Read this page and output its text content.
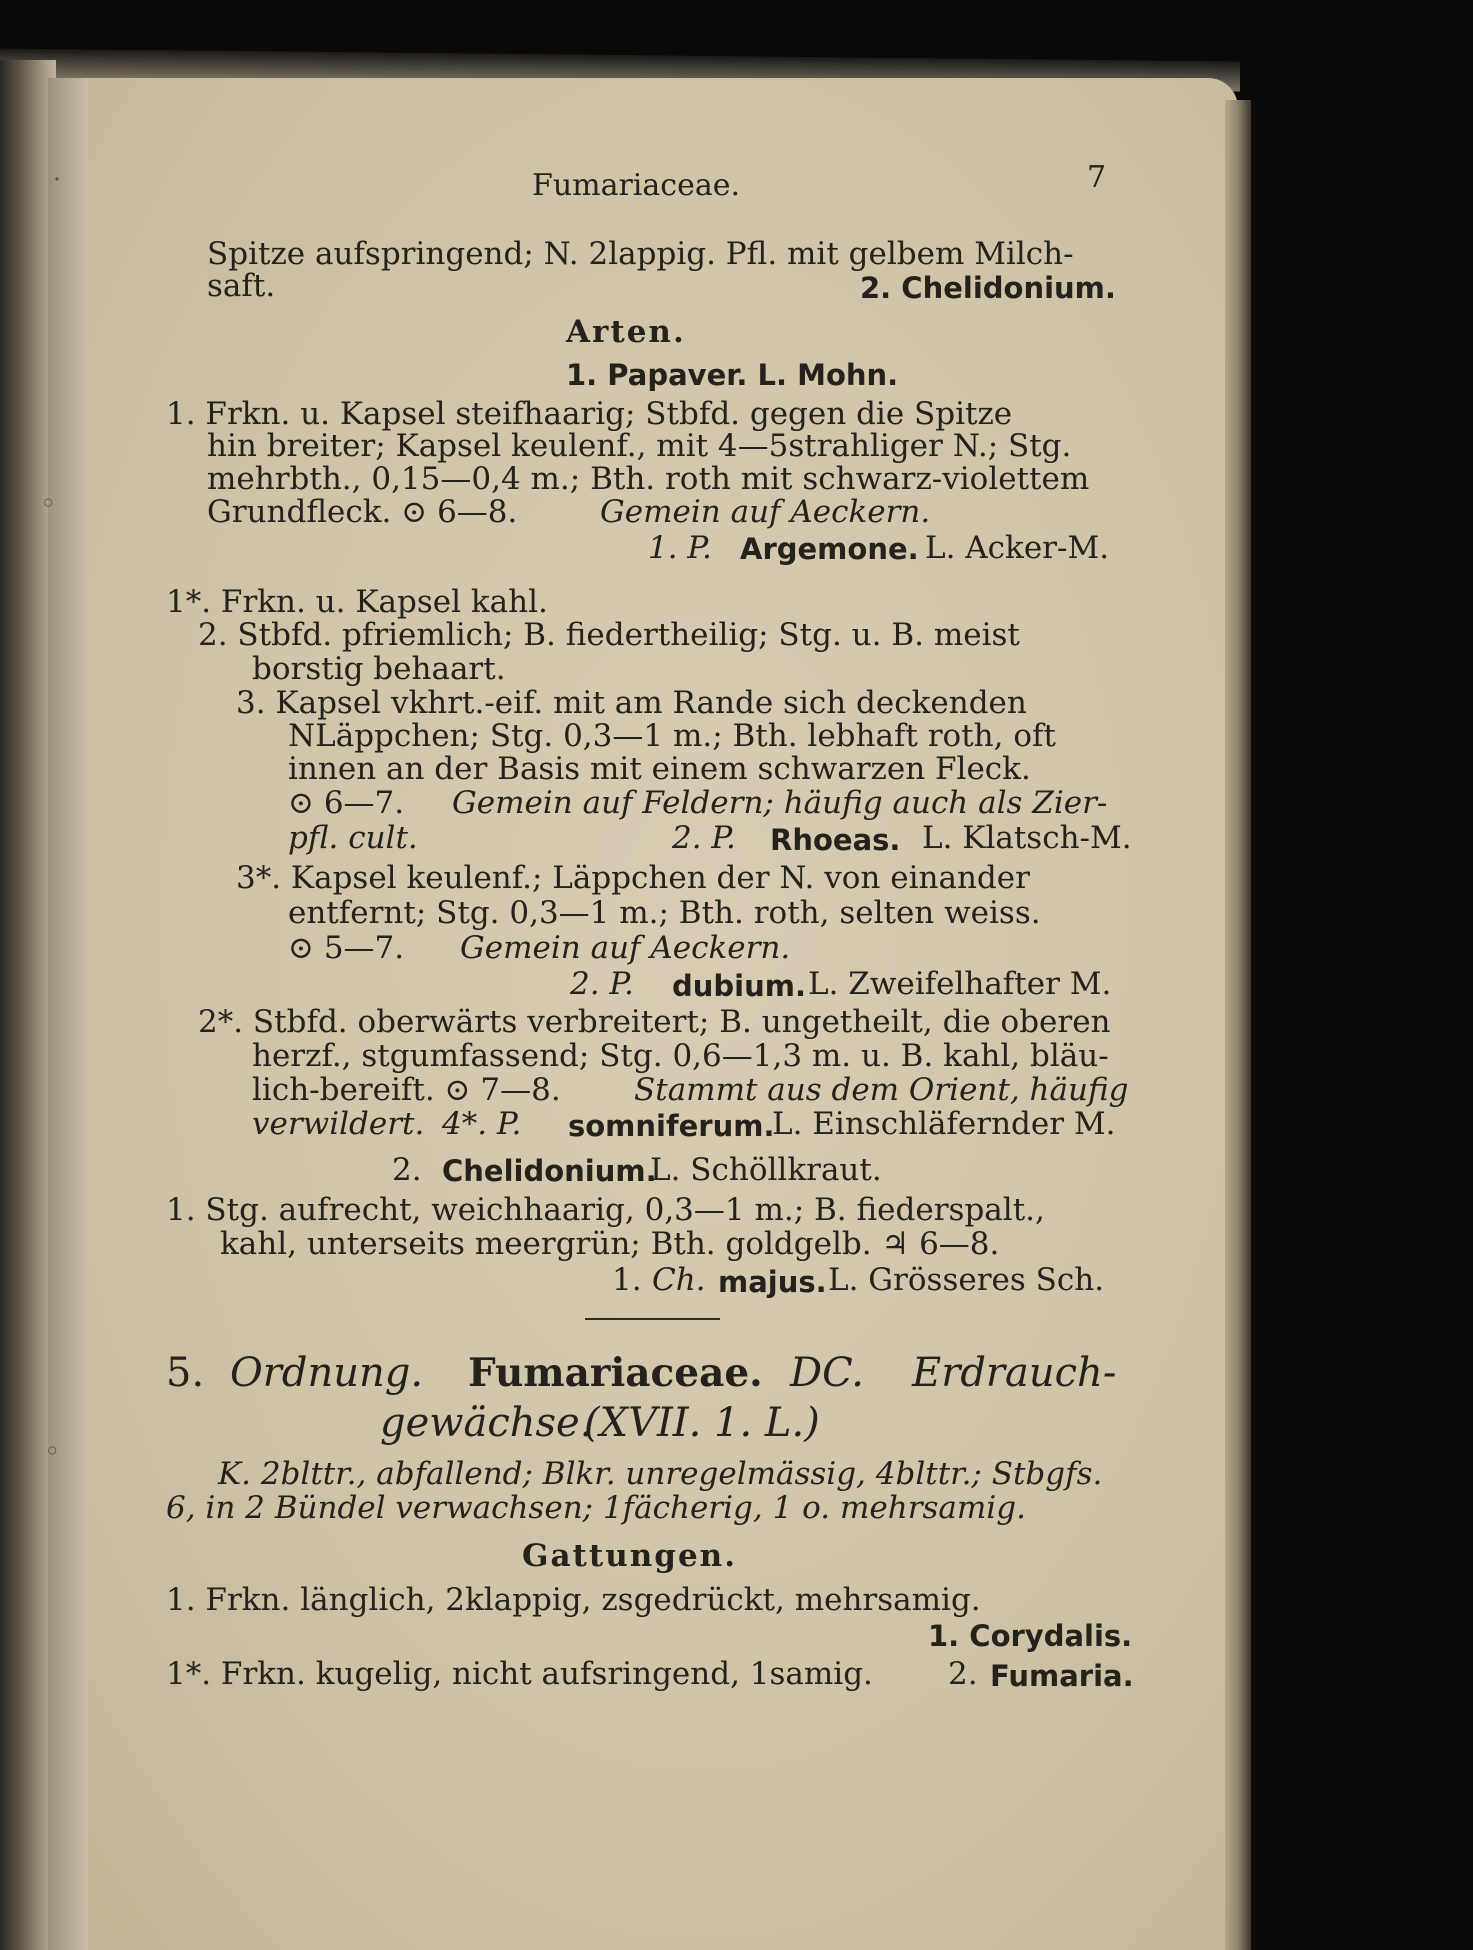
˙
◦
◦
Fumariaceae.	7
Spitze aufspringend; N. 2lappig. Pfl. mit gelbem Milch-
saft.	2. Chelidonium.
Arten.
1. Papaver. L. Mohn.
1. Frkn. u. Kapsel steifhaarig; Stbfd. gegen die Spitze
hin breiter; Kapsel keulenf., mit 4—5strahliger N.; Stg.
mehrbth., 0,15—0,4 m.; Bth. roth mit schwarz-violettem
Grundfleck. ⊙ 6—8.	Gemein auf Aeckern.
1. P. Argemone. L. Acker-M.
1*. Frkn. u. Kapsel kahl.
2. Stbfd. pfriemlich; B. fiedertheilig; Stg. u. B. meist
borstig behaart.
3. Kapsel vkhrt.-eif. mit am Rande sich deckenden
NLäppchen; Stg. 0,3—1 m.; Bth. lebhaft roth, oft
innen an der Basis mit einem schwarzen Fleck.
⊙ 6—7. Gemein auf Feldern; häufig auch als Zier-
pfl. cult.	2. P. Rhoeas. L. Klatsch-M.
3*. Kapsel keulenf.; Läppchen der N. von einander
entfernt; Stg. 0,3—1 m.; Bth. roth, selten weiss.
⊙ 5—7. Gemein auf Aeckern.
2. P. dubium. L. Zweifelhafter M.
2*. Stbfd. oberwärts verbreitert; B. ungetheilt, die oberen
herzf., stgumfassend; Stg. 0,6—1,3 m. u. B. kahl, bläu-
lich-bereift. ⊙ 7—8. Stammt aus dem Orient, häufig
verwildert. 4*. P. somniferum.
L. Einschläfernder M.
2. Chelidonium.
L. Schöllkraut.
1. Stg. aufrecht, weichhaarig, 0,3—1 m.; B. fiederspalt.,
kahl, unterseits meergrün; Bth. goldgelb. ♃ 6—8.
1. Ch. majus. L. Grösseres Sch.
5. Ordnung. Fumariaceae. DC. Erdrauch-
gewächse.
(XVII. 1. L.)
K. 2blttr., abfallend; Blkr. unregelmässig, 4blttr.; Stbgfs.
6, in 2 Bündel verwachsen; 1fächerig, 1 o. mehrsamig.
Gattungen.
1. Frkn. länglich, 2klappig, zsgedrückt, mehrsamig.
1. Corydalis.
1*. Frkn. kugelig, nicht aufsringend, 1samig. 2. Fumaria.
